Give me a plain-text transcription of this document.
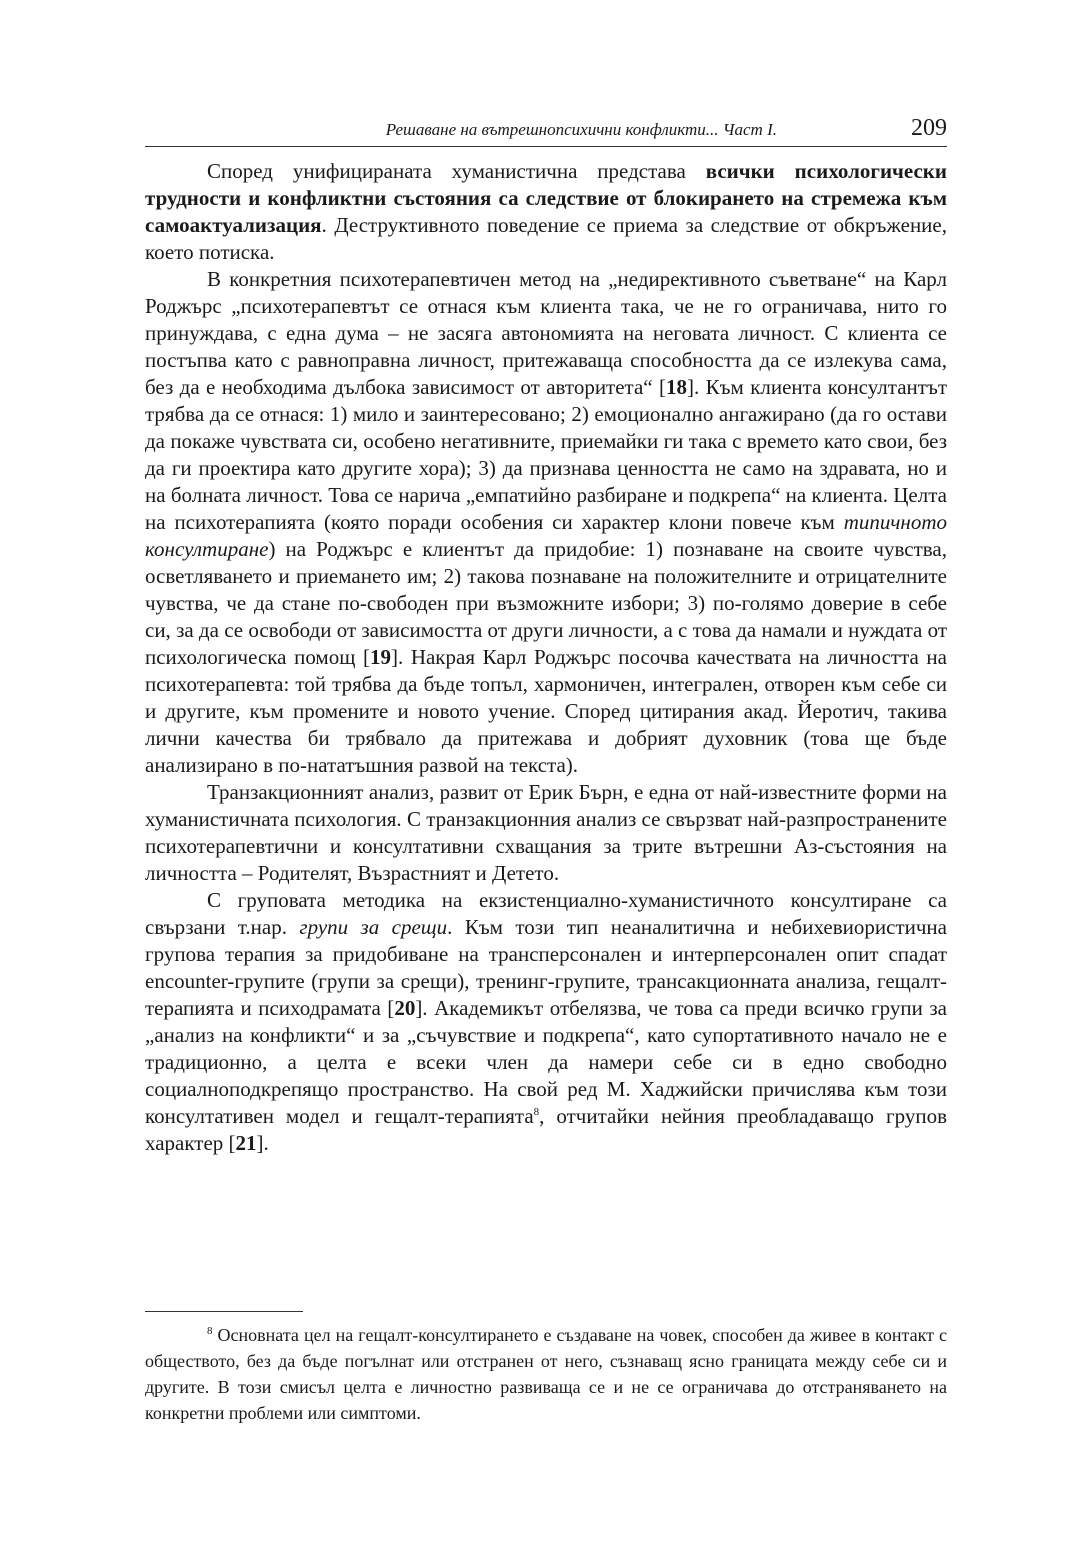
Решаване на вътрешнопсихични конфликти... Част I.	209

Според унифицираната хуманистична представа всички психологически трудности и конфликтни състояния са следствие от блокирането на стремежа към самоактуализация. Деструктивното поведение се приема за следствие от обкръжение, което потиска.

В конкретния психотерапевтичен метод на „недирективното съветване“ на Карл Роджърс „психотерапевтът се отнася към клиента така, че не го ограничава, нито го принуждава, с една дума – не засяга автономията на неговата личност. С клиента се постъпва като с равноправна личност, притежаваща способността да се излекува сама, без да е необходима дълбока зависимост от авторитета“ [18]. Към клиента консултантът трябва да се отнася: 1) мило и заинтересовано; 2) емоционално ангажирано (да го остави да покаже чувствата си, особено негативните, приемайки ги така с времето като свои, без да ги проектира като другите хора); 3) да признава ценността не само на здравата, но и на болната личност. Това се нарича „емпатийно разбиране и подкрепа“ на клиента. Целта на психотерапията (която поради особения си характер клони повече към типичното консултиране) на Роджърс е клиентът да придобие: 1) познаване на своите чувства, осветляването и приемането им; 2) такова познаване на положителните и отрицателните чувства, че да стане по-свободен при възможните избори; 3) по-голямо доверие в себе си, за да се освободи от зависимостта от други личности, а с това да намали и нуждата от психологическа помощ [19]. Накрая Карл Роджърс посочва качествата на личността на психотерапевта: той трябва да бъде топъл, хармоничен, интегрален, отворен към себе си и другите, към промените и новото учение. Според цитирания акад. Йеротич, такива лични качества би трябвало да притежава и добрият духовник (това ще бъде анализирано в по-нататъшния развой на текста).

Транзакционният анализ, развит от Ерик Бърн, е една от най-известните форми на хуманистичната психология. С транзакционния анализ се свързват най-разпространените психотерапевтични и консултативни схващания за трите вътрешни Аз-състояния на личността – Родителят, Възрастният и Детето.

С груповата методика на екзистенциално-хуманистичното консултиране са свързани т.нар. групи за срещи. Към този тип неаналитична и небихевиористична групова терапия за придобиване на трансперсонален и интерперсонален опит спадат encounter-групите (групи за срещи), тренинг-групите, трансакционната анализа, гещалт-терапията и психодрамата [20]. Академикът отбелязва, че това са преди всичко групи за „анализ на конфликти“ и за „съчувствие и подкрепа“, като супортативното начало не е традиционно, а целта е всеки член да намери себе си в едно свободно социалноподкрепящо пространство. На свой ред М. Хаджийски причислява към този консултативен модел и гещалт-терапията$^8$, отчитайки нейния преобладаващо групов характер [21].

$^8$ Основната цел на гещалт-консултирането е създаване на човек, способен да живее в контакт с обществото, без да бъде погълнат или отстранен от него, съзнаващ ясно границата между себе си и другите. В този смисъл целта е личностно развиваща се и не се ограничава до отстраняването на конкретни проблеми или симптоми.
